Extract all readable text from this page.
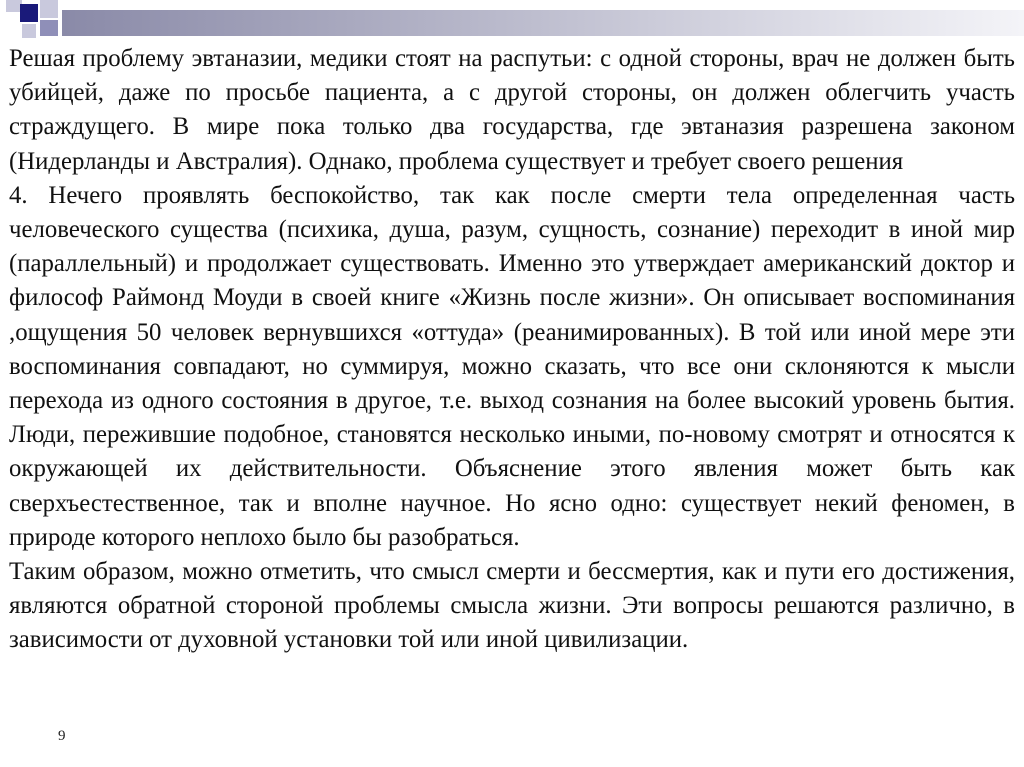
Решая проблему эвтаназии, медики стоят на распутьи: с одной стороны, врач не должен быть убийцей, даже по просьбе пациента, а с другой стороны, он должен облегчить участь страждущего. В мире пока только два государства, где эвтаназия разрешена законом (Нидерланды и Австралия). Однако, проблема существует и требует своего решения

4. Нечего проявлять беспокойство, так как после смерти тела определенная часть человеческого существа (психика, душа, разум, сущность, сознание) переходит в иной мир (параллельный) и продолжает существовать. Именно это утверждает американский доктор и философ Раймонд Моуди в своей книге «Жизнь после жизни». Он описывает воспоминания ,ощущения 50 человек вернувшихся «оттуда» (реанимированных). В той или иной мере эти воспоминания совпадают, но суммируя, можно сказать, что все они склоняются к мысли перехода из одного состояния в другое, т.е. выход сознания на более высокий уровень бытия. Люди, пережившие подобное, становятся несколько иными, по-новому смотрят и относятся к окружающей их действительности. Объяснение этого явления может быть как сверхъестественное, так и вполне научное. Но ясно одно: существует некий феномен, в природе которого неплохо было бы разобраться.

Таким образом, можно отметить, что смысл смерти и бессмертия, как и пути его достижения, являются обратной стороной проблемы смысла жизни. Эти вопросы решаются различно, в зависимости от духовной установки той или иной цивилизации.

9
